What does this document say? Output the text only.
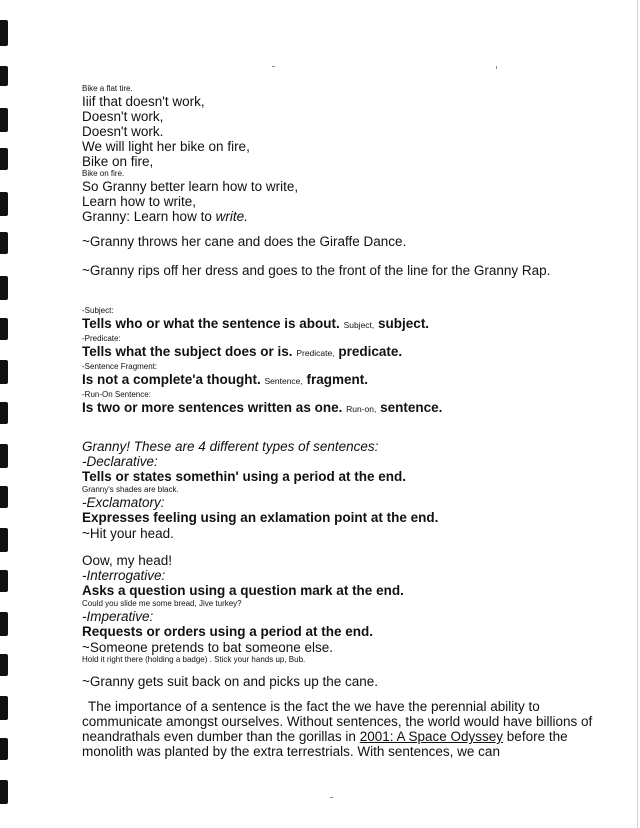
Bike a flat tire.
Iiif that doesn't work,
Doesn't work,
Doesn't work.
We will light her bike on fire,
Bike on fire,
Bike on fire.
So Granny better learn how to write,
Learn how to write,
Granny: Learn how to write.
~Granny throws her cane and does the Giraffe Dance.
~Granny rips off her dress and goes to the front of the line for the Granny Rap.
-Subject:
Tells who or what the sentence is about. Subject, subject.
-Predicate:
Tells what the subject does or is. Predicate, predicate.
-Sentence Fragment:
Is not a complete'a thought. Sentence, fragment.
-Run-On Sentence:
Is two or more sentences written as one. Run-on, sentence.
Granny! These are 4 different types of sentences:
-Declarative:
Tells or states somethin' using a period at the end.
Granny's shades are black.
-Exclamatory:
Expresses feeling using an exlamation point at the end.
~Hit your head.
Oow, my head!
-Interrogative:
Asks a question using a question mark at the end.
Could you slide me some bread, Jive turkey?
-Imperative:
Requests or orders using a period at the end.
~Someone pretends to bat someone else.
Hold it right there (holding a badge) . Stick your hands up, Bub.
~Granny gets suit back on and picks up the cane.
The importance of a sentence is the fact the we have the perennial ability to communicate amongst ourselves. Without sentences, the world would have billions of neandrathals even dumber than the gorillas in 2001: A Space Odyssey before the monolith was planted by the extra terrestrials. With sentences, we can
